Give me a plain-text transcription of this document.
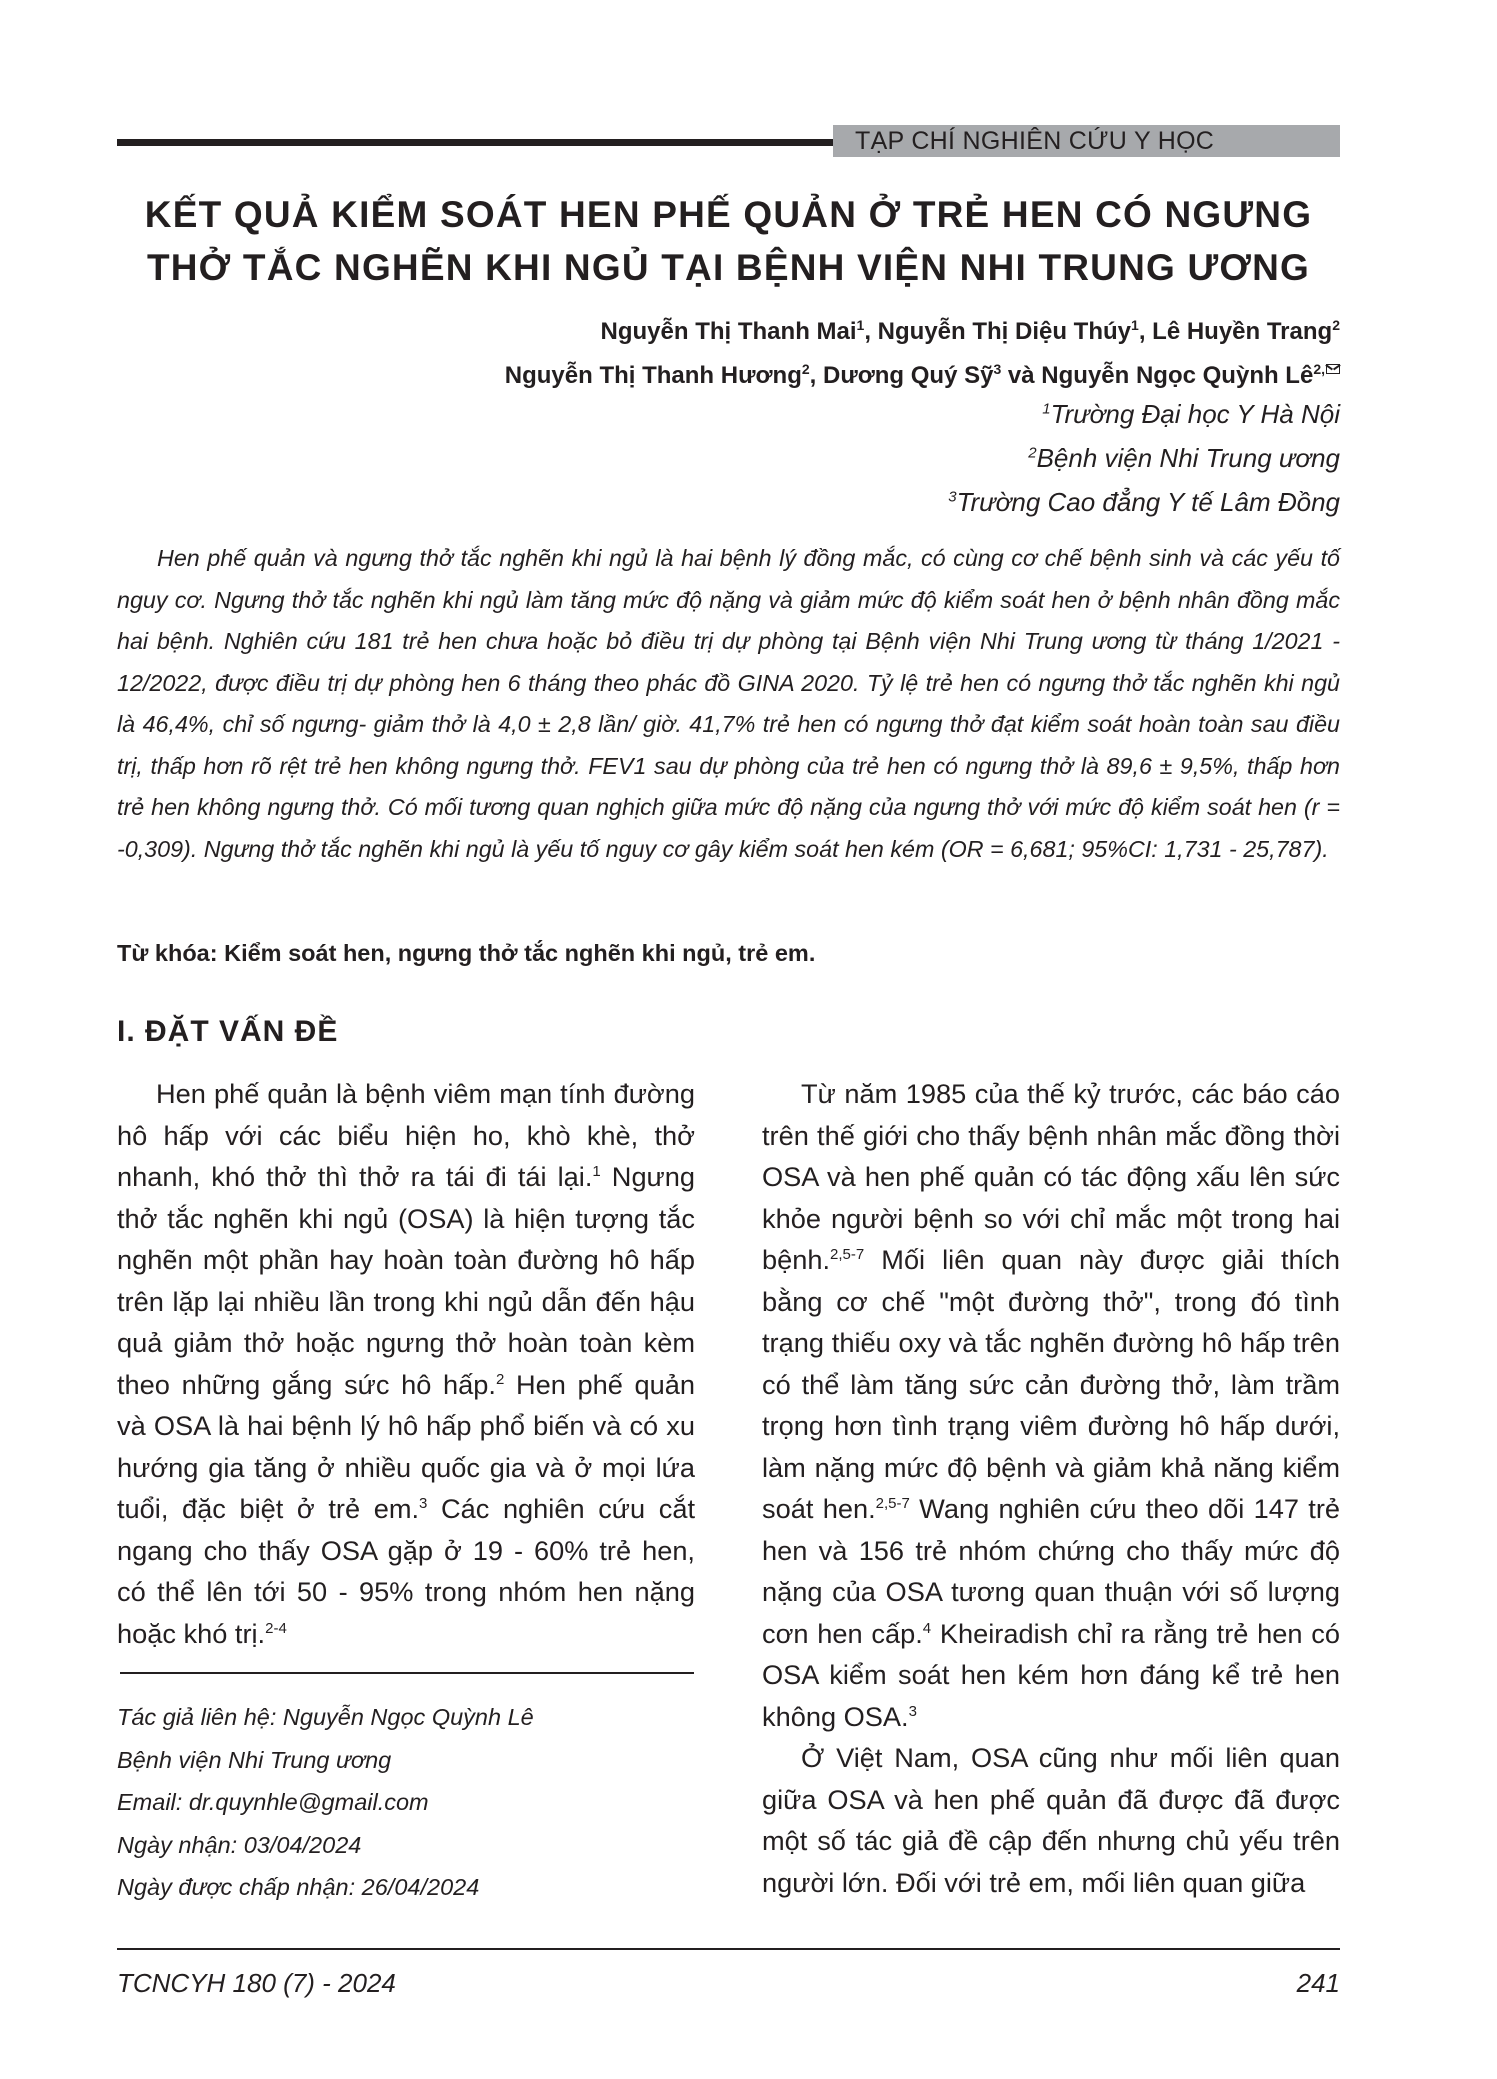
TẠP CHÍ NGHIÊN CỨU Y HỌC
KẾT QUẢ KIỂM SOÁT HEN PHẾ QUẢN Ở TRẺ HEN CÓ NGƯNG
THỞ TẮC NGHẼN KHI NGỦ TẠI BỆNH VIỆN NHI TRUNG ƯƠNG
Nguyễn Thị Thanh Mai$^1$, Nguyễn Thị Diệu Thúy$^1$, Lê Huyền Trang$^2$
Nguyễn Thị Thanh Hương$^2$, Dương Quý Sỹ$^3$ và Nguyễn Ngọc Quỳnh $Lê^{2,}$
$^1$Trường Đại học Y Hà Nội
$^2$Bệnh viện Nhi Trung ương
$^3$Trường Cao đẳng Y tế Lâm Đồng

Hen phế quản và ngưng thở tắc nghẽn khi ngủ là hai bệnh lý đồng mắc, có cùng cơ chế bệnh sinh và các yếu tố nguy cơ. Ngưng thở tắc nghẽn khi ngủ làm tăng mức độ nặng và giảm mức độ kiểm soát hen ở bệnh nhân đồng mắc hai bệnh. Nghiên cứu 181 trẻ hen chưa hoặc bỏ điều trị dự phòng tại Bệnh viện Nhi Trung ương từ tháng 1/2021 - 12/2022, được điều trị dự phòng hen 6 tháng theo phác đồ GINA 2020. Tỷ lệ trẻ hen có ngưng thở tắc nghẽn khi ngủ là 46,4%, chỉ số ngưng- giảm thở là 4,0 ± 2,8 lần/ giờ. 41,7% trẻ hen có ngưng thở đạt kiểm soát hoàn toàn sau điều trị, thấp hơn rõ rệt trẻ hen không ngưng thở. FEV1 sau dự phòng của trẻ hen có ngưng thở là 89,6 ± 9,5%, thấp hơn trẻ hen không ngưng thở. Có mối tương quan nghịch giữa mức độ nặng của ngưng thở với mức độ kiểm soát hen (r = -0,309). Ngưng thở tắc nghẽn khi ngủ là yếu tố nguy cơ gây kiểm soát hen kém (OR = 6,681; 95%CI: 1,731 - 25,787).

Từ khóa: Kiểm soát hen, ngưng thở tắc nghẽn khi ngủ, trẻ em.
I. ĐẶT VẤN ĐỀ

Hen phế quản là bệnh viêm mạn tính đường hô hấp với các biểu hiện ho, khò khè, thở nhanh, khó thở thì thở ra tái đi tái lại.$^1$ Ngưng thở tắc nghẽn khi ngủ (OSA) là hiện tượng tắc nghẽn một phần hay hoàn toàn đường hô hấp trên lặp lại nhiều lần trong khi ngủ dẫn đến hậu quả giảm thở hoặc ngưng thở hoàn toàn kèm theo những gắng sức hô hấp.$^2$ Hen phế quản và OSA là hai bệnh lý hô hấp phổ biến và có xu hướng gia tăng ở nhiều quốc gia và ở mọi lứa tuổi, đặc biệt ở trẻ em.$^3$ Các nghiên cứu cắt ngang cho thấy OSA gặp ở 19 - 60% trẻ hen, có thể lên tới 50 - 95% trong nhóm hen nặng hoặc khó trị.$^{2-4}$

Tác giả liên hệ: Nguyễn Ngọc Quỳnh Lê
Bệnh viện Nhi Trung ương
Email: dr.quynhle@gmail.com
Ngày nhận: 03/04/2024
Ngày được chấp nhận: 26/04/2024

Từ năm 1985 của thế kỷ trước, các báo cáo trên thế giới cho thấy bệnh nhân mắc đồng thời OSA và hen phế quản có tác động xấu lên sức khỏe người bệnh so với chỉ mắc một trong hai bệnh.$^{2,5-7}$ Mối liên quan này được giải thích bằng cơ chế "một đường thở", trong đó tình trạng thiếu oxy và tắc nghẽn đường hô hấp trên có thể làm tăng sức cản đường thở, làm trầm trọng hơn tình trạng viêm đường hô hấp dưới, làm nặng mức độ bệnh và giảm khả năng kiểm soát hen.$^{2,5-7}$ Wang nghiên cứu theo dõi 147 trẻ hen và 156 trẻ nhóm chứng cho thấy mức độ nặng của OSA tương quan thuận với số lượng cơn hen cấp.$^4$ Kheiradish chỉ ra rằng trẻ hen có OSA kiểm soát hen kém hơn đáng kể trẻ hen không OSA.$^3$

Ở Việt Nam, OSA cũng như mối liên quan giữa OSA và hen phế quản đã được đã được một số tác giả đề cập đến nhưng chủ yếu trên người lớn. Đối với trẻ em, mối liên quan giữa

TCNCYH 180 (7) - 2024	241
